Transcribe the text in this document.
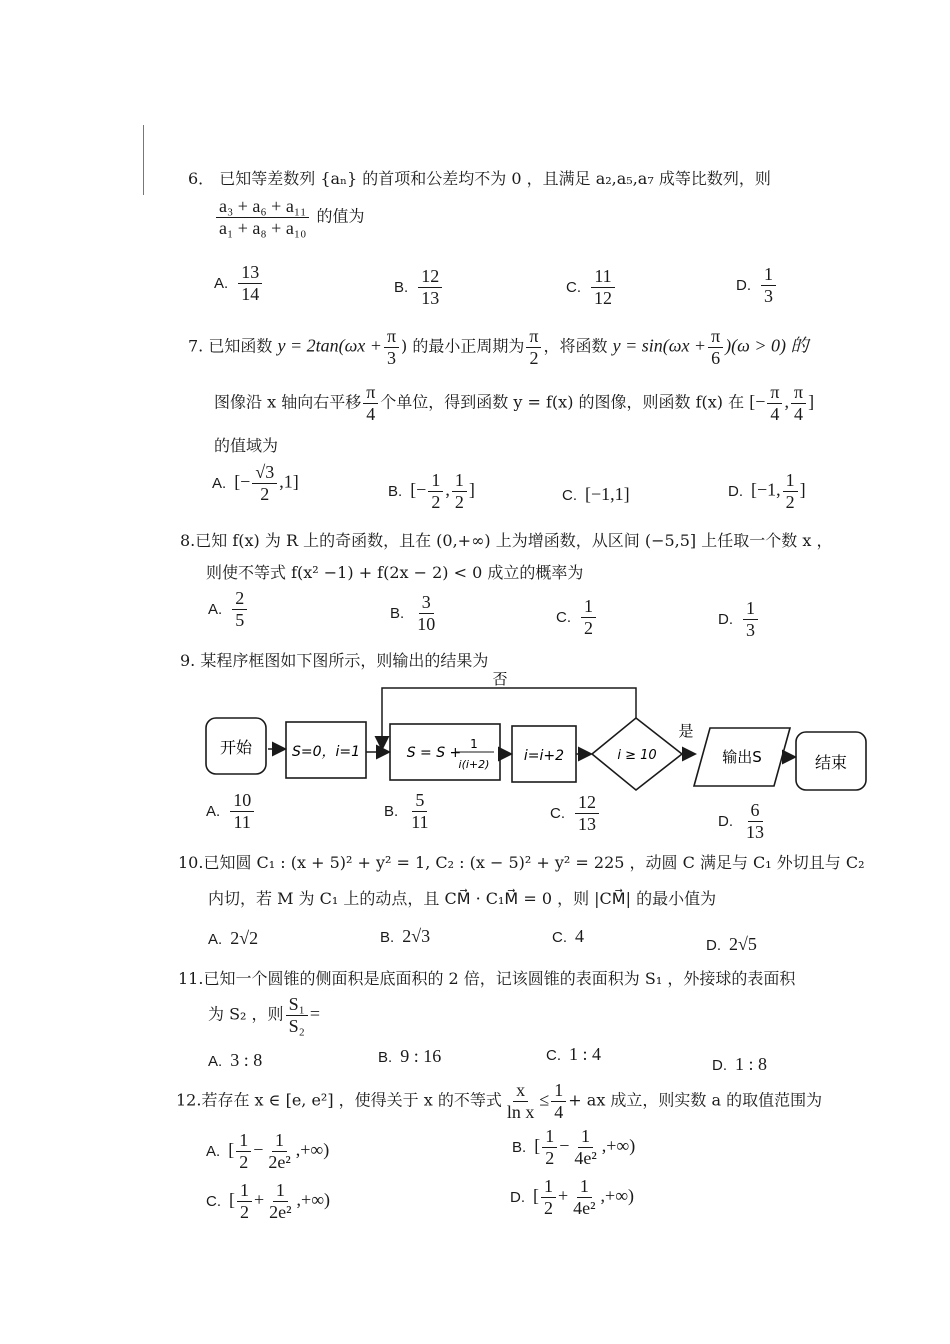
6． 已知等差数列 {aₙ} 的首项和公差均不为 0 ，且满足 a₂,a₅,a₇ 成等比数列，则
$\frac{\text{a₃ + a₆ + a₁₁}}{\text{a₁ + a₈ + a₁₀}}$ 的值为
A. $\frac{13}{14}$	B. $\frac{12}{13}$	C. $\frac{11}{12}$	D. $\frac{1}{3}$
7. 已知函数 $y = 2\tan(\omega x + \frac{\pi}{3}$ ) 的最小正周期为 $\frac{\pi}{2}$ ，将函数 $y = \sin(\omega x + \frac{\pi}{6} )(\omega > 0)$ 的
图像沿 x 轴向右平移 $\frac{\pi}{4}$ 个单位，得到函数 y = f(x) 的图像，则函数 f(x) 在 [− $\frac{\pi}{4}$ , $\frac{\pi}{4}$ ]
的值域为
A. [− $\frac{√3}{2} ,1$]	B. [− $\frac{1}{2}$ , $\frac{1}{2}$ ]	C. [−1,1]	D. [−1, $\frac{1}{2}$ ]
8.已知 f(x) 为 R 上的奇函数，且在 (0,+∞) 上为增函数，从区间 (−5,5] 上任取一个数 x ，
则使不等式 f(x² −1) + f(2x − 2) < 0 成立的概率为
A. $\frac{2}{5}$	B. $\frac{3}{10}$	C. $\frac{1}{2}$	D. $\frac{1}{3}$
9. 某程序框图如下图所示，则输出的结果为
开始	S=0，i=1	S = S +
1
i(i+2)
i=i+2	i ≥ 10
否
是
输出S	结束
A. $\frac{10}{11}$	B. $\frac{5}{11}$	C. $\frac{12}{13}$	D. $\frac{6}{13}$
10.已知圆 C₁ : (x + 5)² + y² = 1, C₂ : (x − 5)² + y² = 225 ，动圆 C 满足与 C₁ 外切且与 C₂
内切，若 M 为 C₁ 上的动点，且 CM⃗ · C₁M⃗ = 0 ，则 |CM⃗| 的最小值为
A. 2√2	B. 2√3	C. 4	D. 2√5
11.已知一个圆锥的侧面积是底面积的 2 倍，记该圆锥的表面积为 S₁ ，外接球的表面积
为 S₂ ，则 $\frac{\text{S₁}}{\text{S₂}}$ =
A. 3 : 8	B. 9 : 16	C. 1 : 4
D. 1 : 8
12.若存在 x ∈ [e, e²] ，使得关于 x 的不等式 $\frac{x}{\text{ln x}} \le \frac{1}{4}$ + ax 成立，则实数 a 的取值范围为
A. [ $\frac{1}{2} - \frac{1}{\text{2e²}}$ ,+∞)	B. [ $\frac{1}{2} - \frac{1}{\text{4e²}}$ ,+∞)
C. [ $\frac{1}{2} + \frac{1}{\text{2e²}}$ ,+∞)	D. [ $\frac{1}{2} + \frac{1}{\text{4e²}}$ ,+∞)
